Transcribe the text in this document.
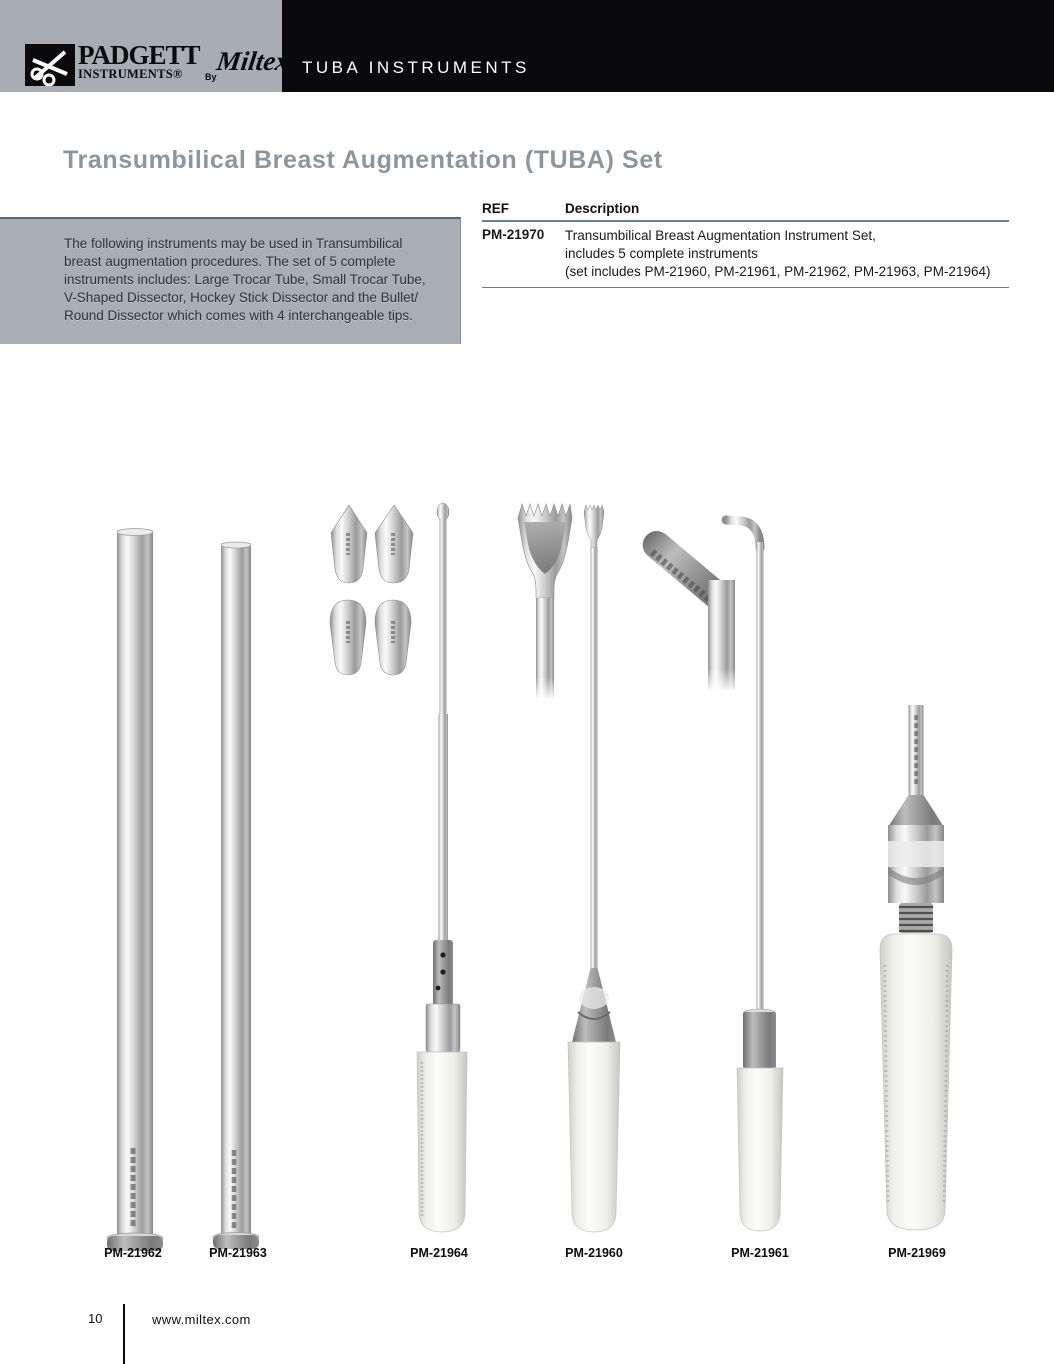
TUBA INSTRUMENTS
PADGETT
INSTRUMENTS®	By
Miltex.
Transumbilical Breast Augmentation (TUBA) Set
The following instruments may be used in Transumbilical
breast augmentation procedures. The set of 5 complete
instruments includes: Large Trocar Tube, Small Trocar Tube,
V-Shaped Dissector, Hockey Stick Dissector and the Bullet/
Round Dissector which comes with 4 interchangeable tips.
REF	Description
PM-21970	Transumbilical Breast Augmentation Instrument Set,
includes 5 complete instruments
(set includes PM-21960, PM-21961, PM-21962, PM-21963, PM-21964)
PM-21962	PM-21963	PM-21964	PM-21960	PM-21961	PM-21969
10	www.miltex.com
